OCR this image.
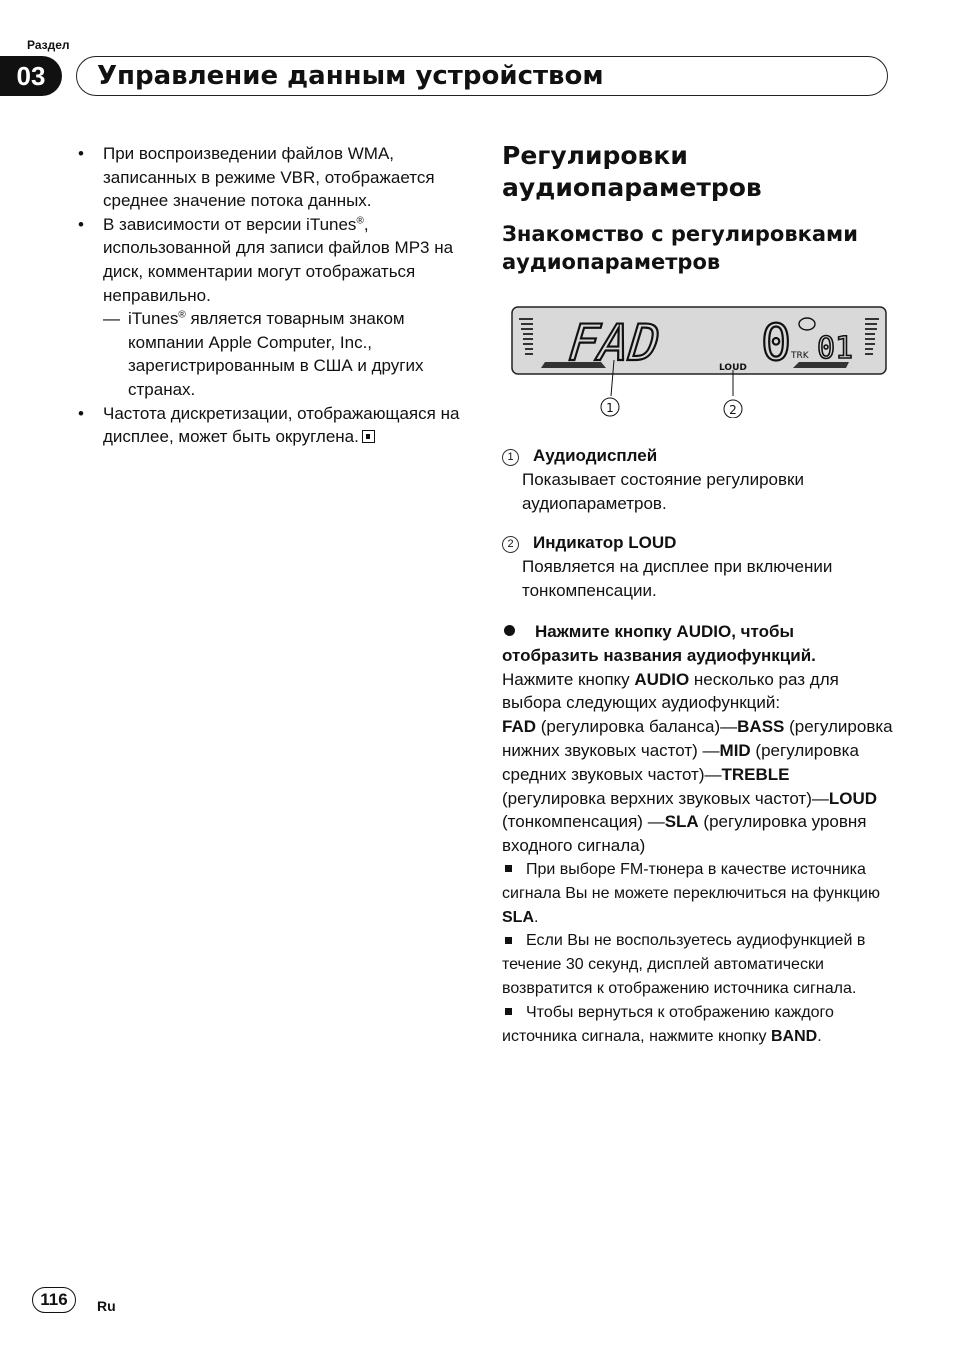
Раздел
03	Управление данным устройством
• При воспроизведении файлов WMA, записанных в режиме VBR, отображается среднее значение потока данных.
• В зависимости от версии iTunes®, использованной для записи файлов MP3 на диск, комментарии могут отображаться неправильно.
— iTunes® является товарным знаком компании Apple Computer, Inc., зарегистрированным в США и других странах.
• Частота дискретизации, отображающаяся на дисплее, может быть округлена.
Регулировки аудиопараметров
Знакомство с регулировками аудиопараметров
FAD	LOUD 0 TRK 01
1	2
1 Аудиодисплей
Показывает состояние регулировки аудиопараметров.
2 Индикатор LOUD
Появляется на дисплее при включении тонкомпенсации.
Нажмите кнопку AUDIO, чтобы отобразить названия аудиофункций.
Нажмите кнопку AUDIO несколько раз для выбора следующих аудиофункций:
FAD (регулировка баланса)—BASS (регулировка нижних звуковых частот) —MID (регулировка средних звуковых частот)—TREBLE (регулировка верхних звуковых частот)—LOUD (тонкомпенсация) —SLA (регулировка уровня входного сигнала)
При выборе FM-тюнера в качестве источника сигнала Вы не можете переключиться на функцию SLA.
Если Вы не воспользуетесь аудиофункцией в течение 30 секунд, дисплей автоматически возвратится к отображению источника сигнала.
Чтобы вернуться к отображению каждого источника сигнала, нажмите кнопку BAND.
116	Ru
